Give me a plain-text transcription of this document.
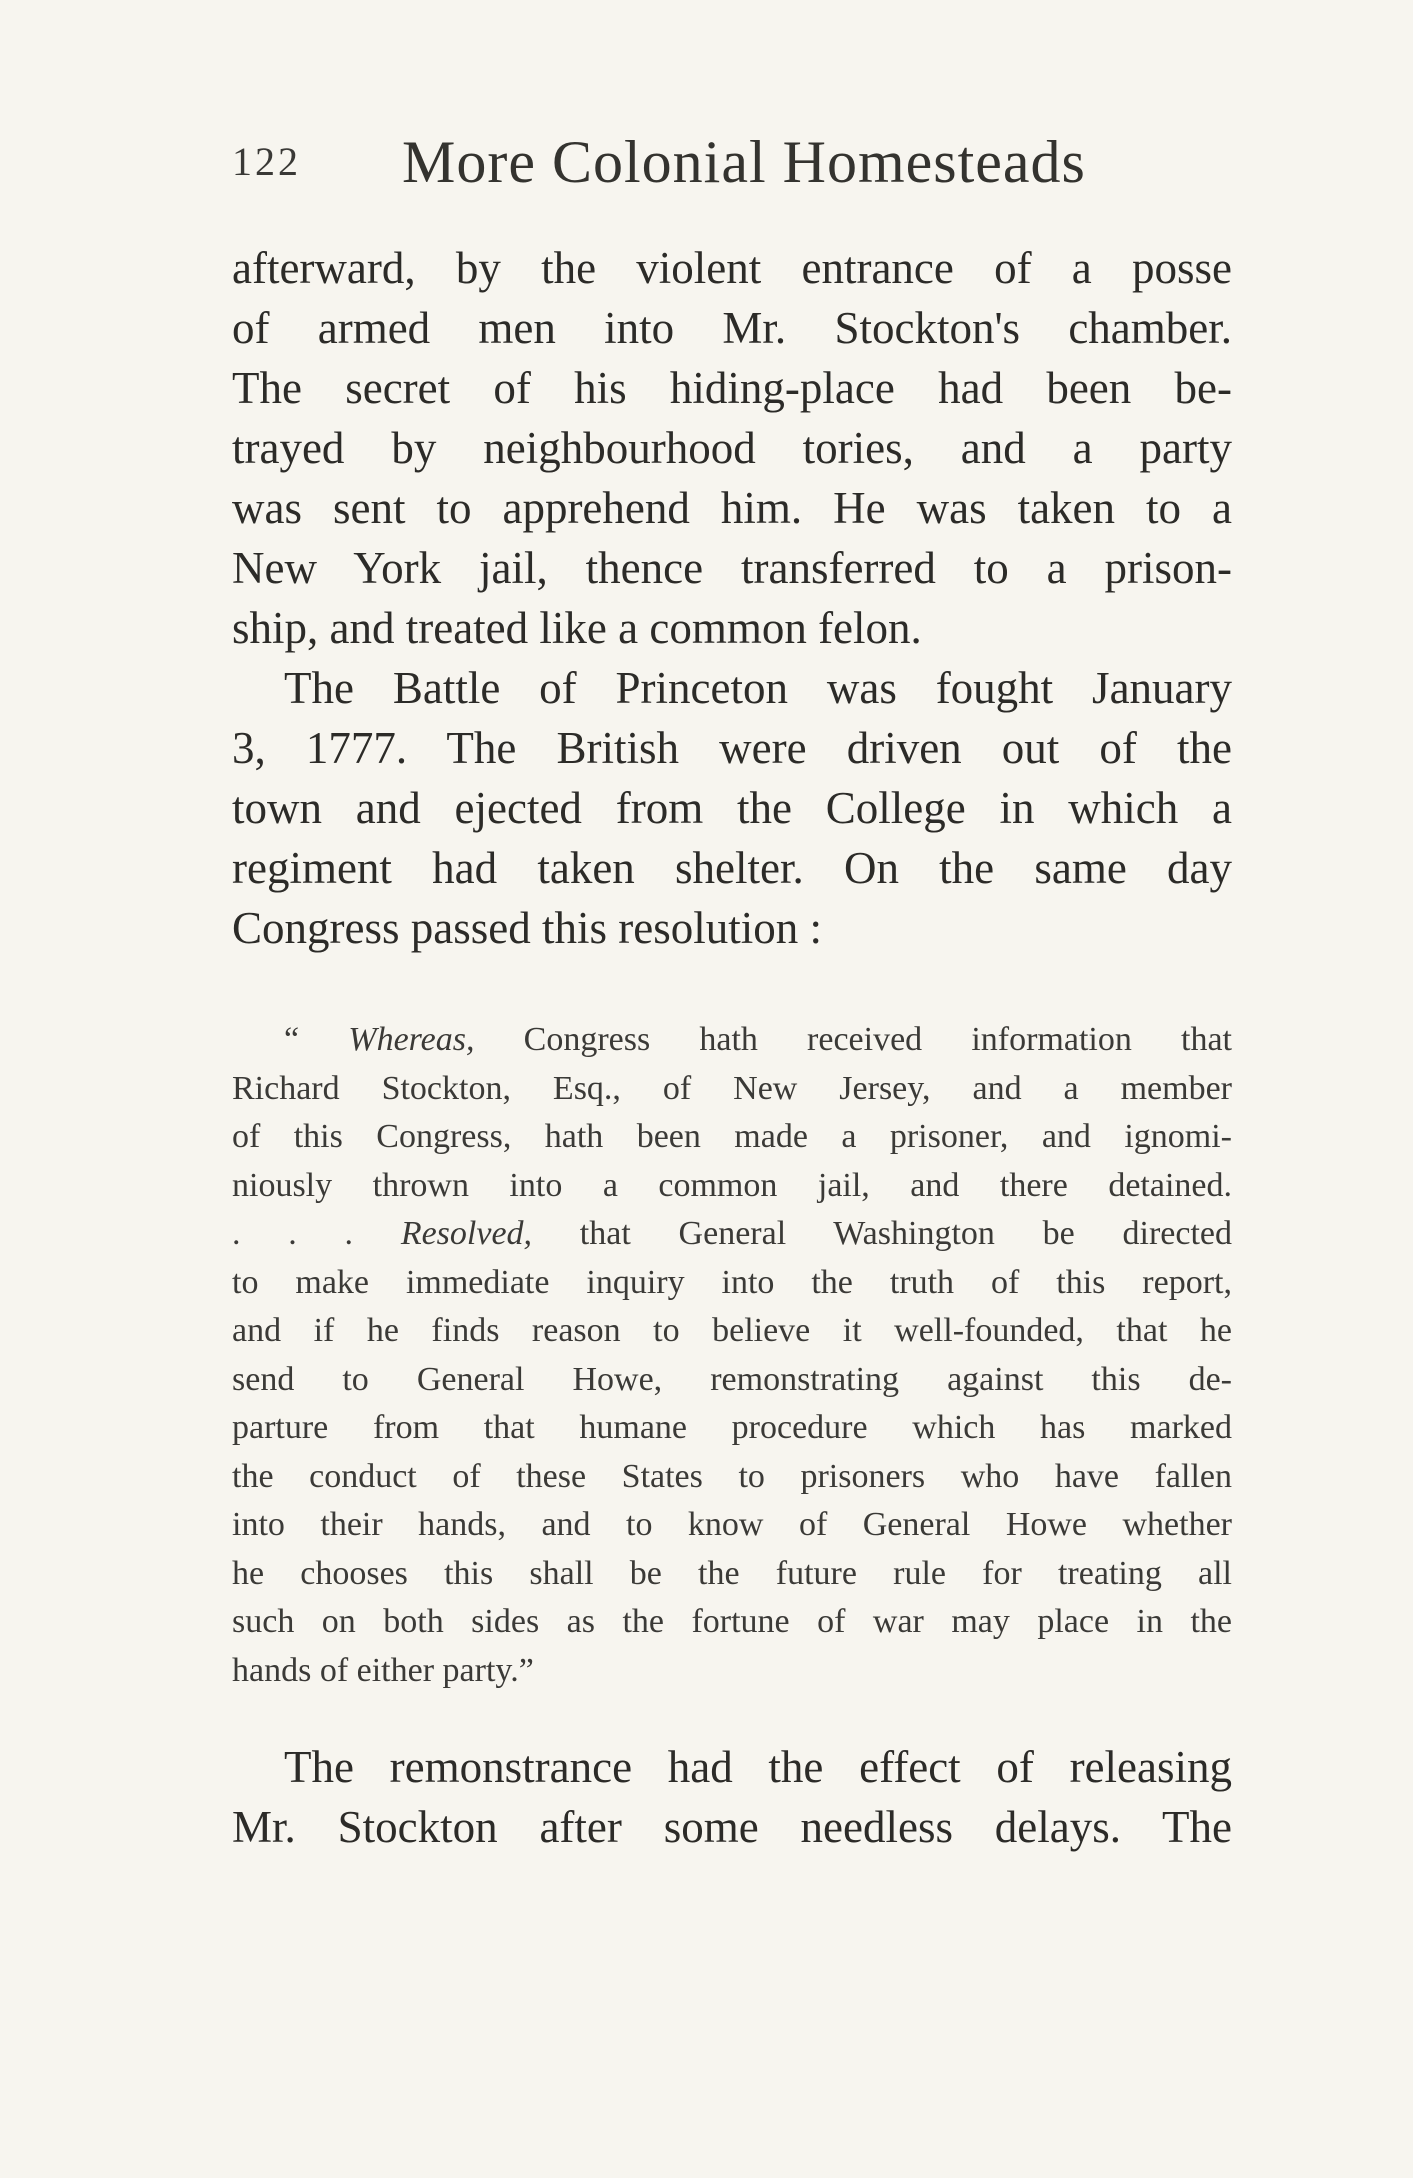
122 More Colonial Homesteads

afterward, by the violent entrance of a posse
of armed men into Mr. Stockton's chamber.
The secret of his hiding-place had been be-
trayed by neighbourhood tories, and a party
was sent to apprehend him. He was taken to a
New York jail, thence transferred to a prison-
ship, and treated like a common felon.

The Battle of Princeton was fought January
3, 1777. The British were driven out of the
town and ejected from the College in which a
regiment had taken shelter. On the same day
Congress passed this resolution :

“ Whereas, Congress hath received information that
Richard Stockton, Esq., of New Jersey, and a member
of this Congress, hath been made a prisoner, and ignomi-
niously thrown into a common jail, and there detained.
. . . Resolved, that General Washington be directed
to make immediate inquiry into the truth of this report,
and if he finds reason to believe it well-founded, that he
send to General Howe, remonstrating against this de-
parture from that humane procedure which has marked
the conduct of these States to prisoners who have fallen
into their hands, and to know of General Howe whether
he chooses this shall be the future rule for treating all
such on both sides as the fortune of war may place in the
hands of either party.”

The remonstrance had the effect of releasing
Mr. Stockton after some needless delays. The
